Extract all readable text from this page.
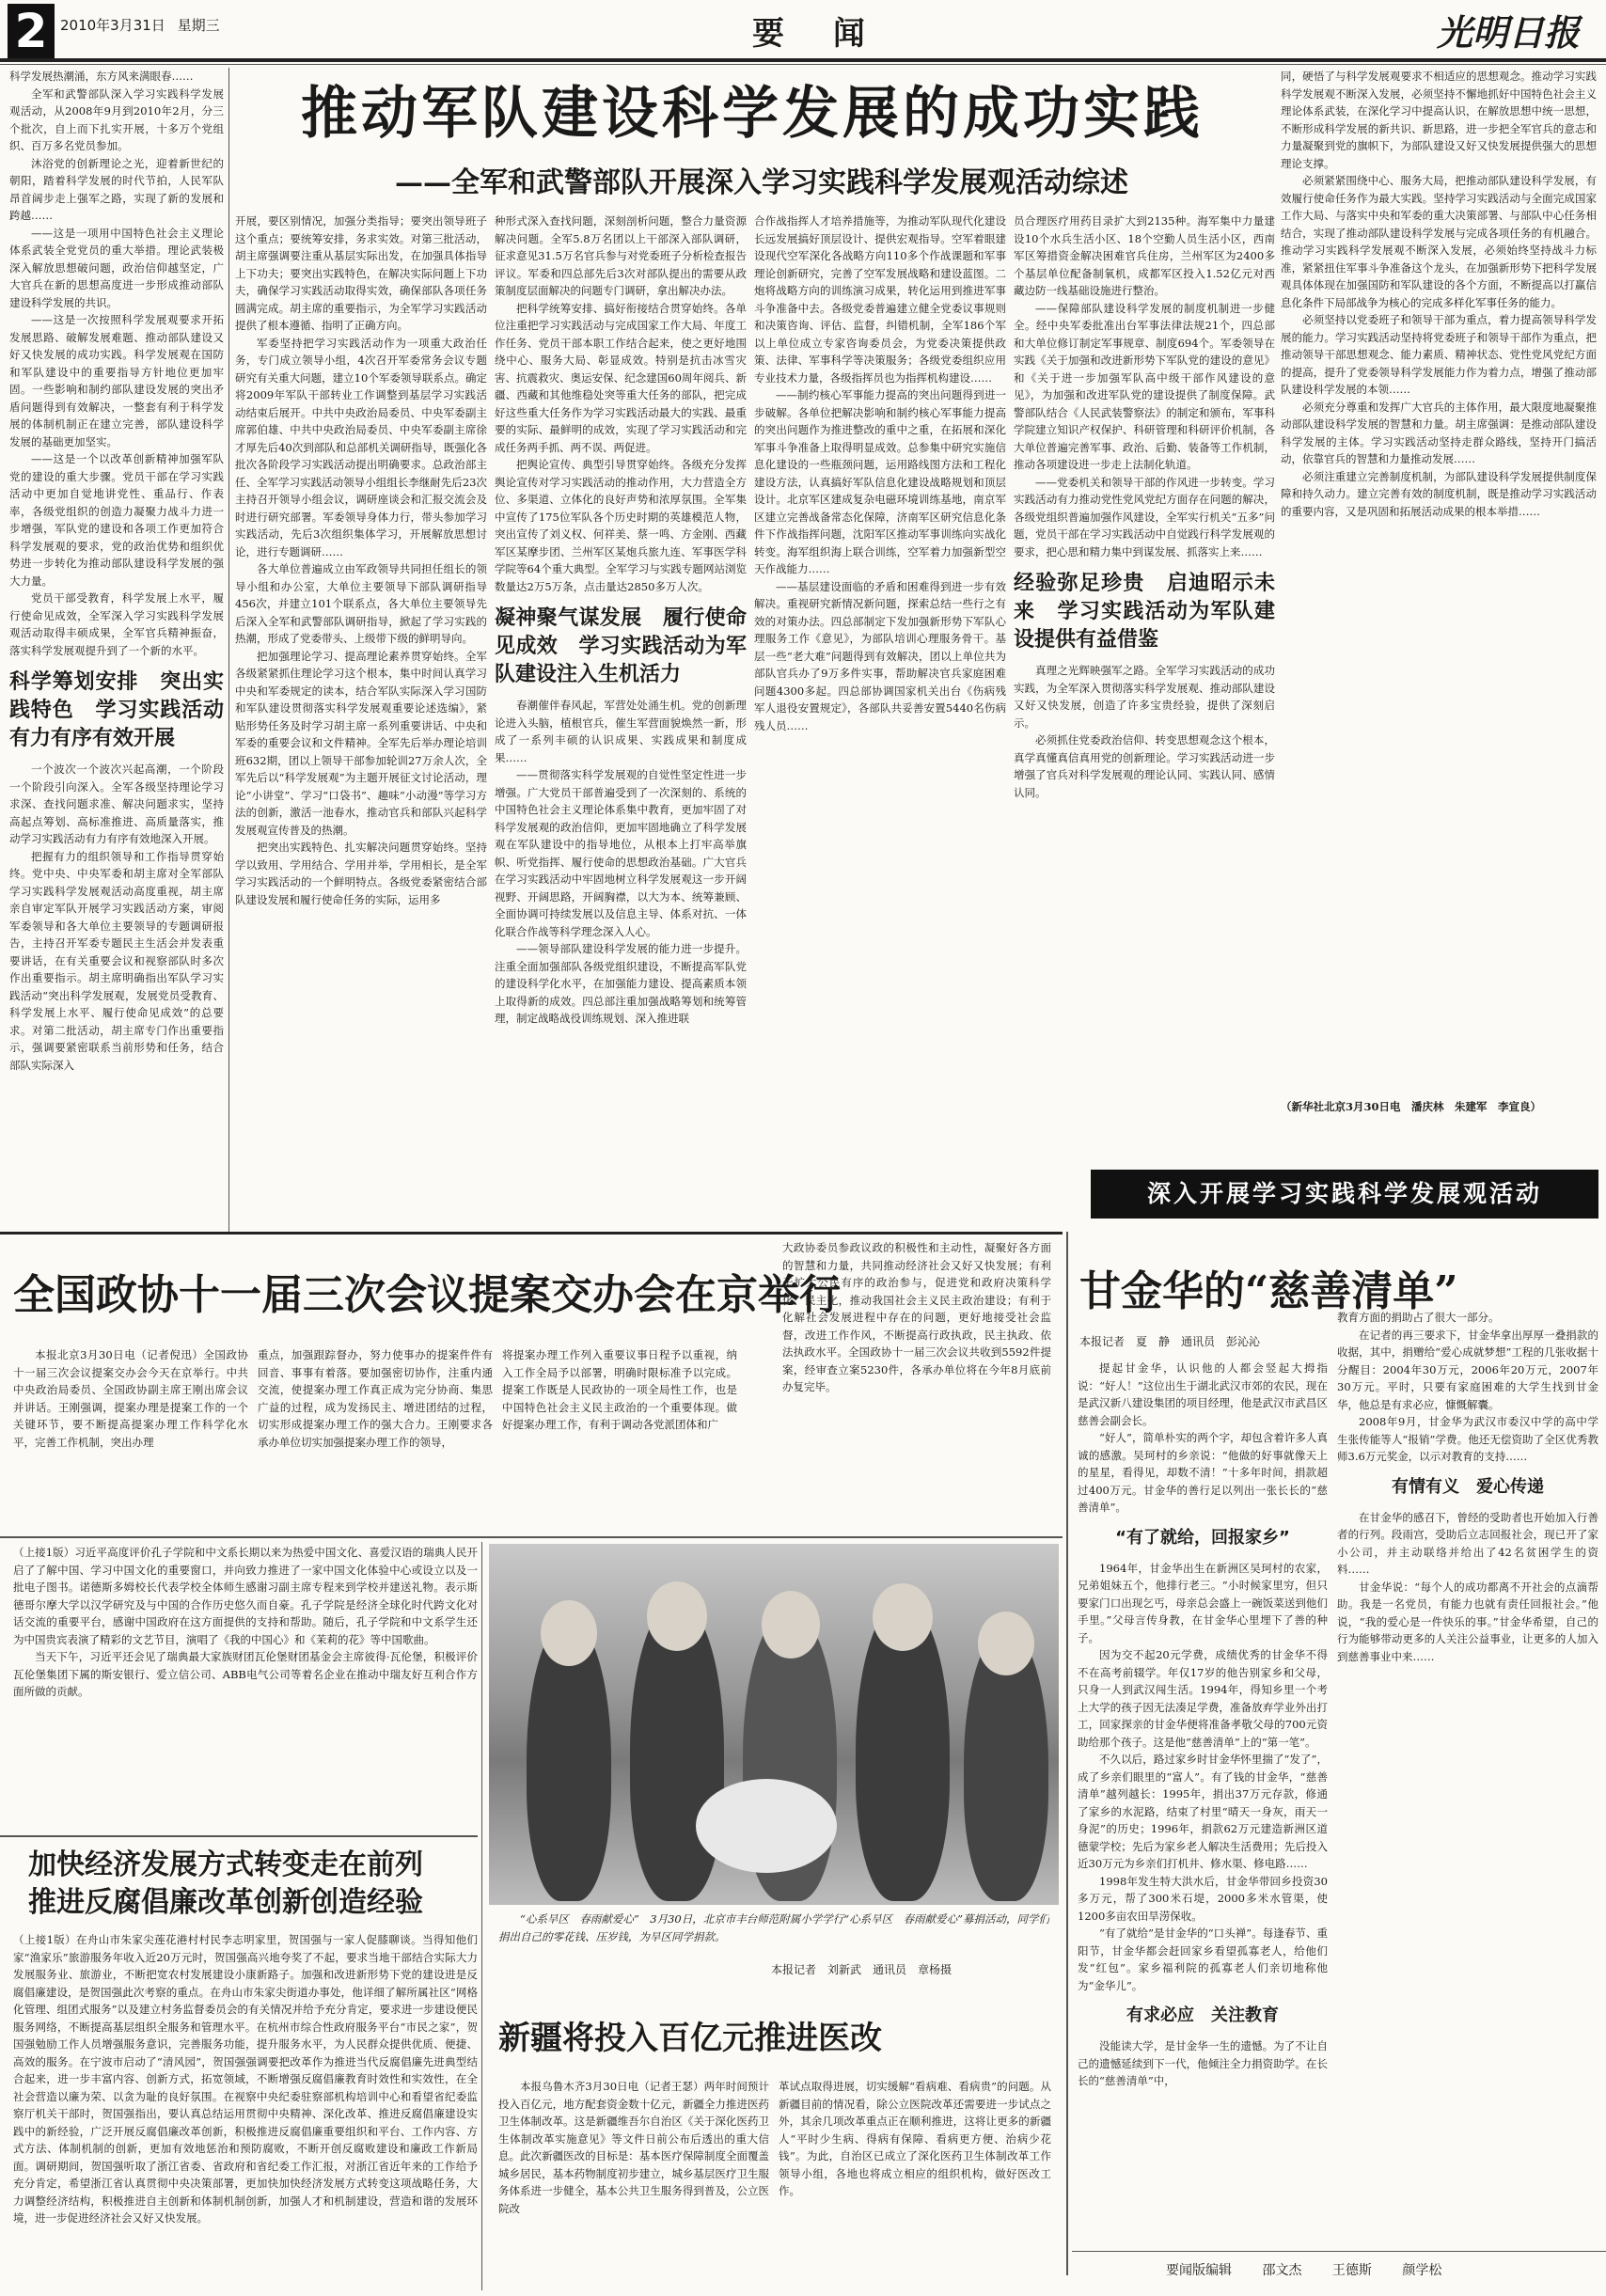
2 2010年3月31日 星期三	要 闻	光明日报
推动军队建设科学发展的成功实践
——全军和武警部队开展深入学习实践科学发展观活动综述

科学发展热潮涌，东方风来满眼春……

全军和武警部队深入学习实践科学发展观活动，从2008年9月到2010年2月，分三个批次，自上而下扎实开展，十多万个党组织、百万多名党员参加。

沐浴党的创新理论之光，迎着新世纪的朝阳，踏着科学发展的时代节拍，人民军队昂首阔步走上强军之路，实现了新的发展和跨越……

——这是一项用中国特色社会主义理论体系武装全党党员的重大举措。理论武装极深入解放思想破问题，政治信仰越坚定，广大官兵在新的思想高度进一步形成推动部队建设科学发展的共识。

——这是一次按照科学发展观要求开拓发展思路、破解发展难题、推动部队建设又好又快发展的成功实践。科学发展观在国防和军队建设中的重要指导方针地位更加牢固。一些影响和制约部队建设发展的突出矛盾问题得到有效解决，一整套有利于科学发展的体制机制正在建立完善，部队建设科学发展的基础更加坚实。

——这是一个以改革创新精神加强军队党的建设的重大步骤。党员干部在学习实践活动中更加自觉地讲党性、重品行、作表率，各级党组织的创造力凝聚力战斗力进一步增强，军队党的建设和各项工作更加符合科学发展观的要求，党的政治优势和组织优势进一步转化为推动部队建设科学发展的强大力量。

党员干部受教育，科学发展上水平，履行使命见成效，全军深入学习实践科学发展观活动取得丰硕成果，全军官兵精神振奋，落实科学发展观提升到了一个新的水平。

科学筹划安排　突出实践特色　学习实践活动有力有序有效开展

一个波次一个波次兴起高潮，一个阶段一个阶段引向深入。全军各级坚持理论学习求深、查找问题求准、解决问题求实，坚持高起点筹划、高标准推进、高质量落实，推动学习实践活动有力有序有效地深入开展。

把握有力的组织领导和工作指导贯穿始终。党中央、中央军委和胡主席对全军部队学习实践科学发展观活动高度重视，胡主席亲自审定军队开展学习实践活动方案，审阅军委领导和各大单位主要领导的专题调研报告，主持召开军委专题民主生活会并发表重要讲话，在有关重要会议和视察部队时多次作出重要指示。胡主席明确指出军队学习实践活动“突出科学发展观，发展党员受教育、科学发展上水平、履行使命见成效”的总要求。对第二批活动，胡主席专门作出重要指示，强调要紧密联系当前形势和任务，结合部队实际深入

开展，要区别情况，加强分类指导；要突出领导班子这个重点；要统筹安排，务求实效。对第三批活动，胡主席强调要注重从基层实际出发，在加强具体指导上下功夫；要突出实践特色，在解决实际问题上下功夫，确保学习实践活动取得实效，确保部队各项任务圆满完成。胡主席的重要指示，为全军学习实践活动提供了根本遵循、指明了正确方向。

军委坚持把学习实践活动作为一项重大政治任务，专门成立领导小组，4次召开军委常务会议专题研究有关重大问题，建立10个军委领导联系点。确定将2009年军队干部转业工作调整到基层学习实践活动结束后展开。中共中央政治局委员、中央军委副主席郭伯雄、中共中央政治局委员、中央军委副主席徐才厚先后40次到部队和总部机关调研指导，既强化各批次各阶段学习实践活动提出明确要求。总政治部主任、全军学习实践活动领导小组组长李继耐先后23次主持召开领导小组会议，调研座谈会和汇报交流会及时进行研究部署。军委领导身体力行，带头参加学习实践活动，先后3次组织集体学习，开展解放思想讨论，进行专题调研……

各大单位普遍成立由军政领导共同担任组长的领导小组和办公室，大单位主要领导下部队调研指导456次，并建立101个联系点，各大单位主要领导先后深入全军和武警部队调研指导，掀起了学习实践的热潮，形成了党委带头、上级带下级的鲜明导向。

把加强理论学习、提高理论素养贯穿始终。全军各级紧紧抓住理论学习这个根本，集中时间认真学习中央和军委规定的读本，结合军队实际深入学习国防和军队建设贯彻落实科学发展观重要论述选编》，紧贴形势任务及时学习胡主席一系列重要讲话、中央和军委的重要会议和文件精神。全军先后举办理论培训班632期，团以上领导干部参加轮训27万余人次，全军先后以“科学发展观”为主题开展征文讨论活动，理论“小讲堂”、学习“口袋书”、趣味“小动漫”等学习方法的创新，激活一池春水，推动官兵和部队兴起科学发展观宣传普及的热潮。

把突出实践特色、扎实解决问题贯穿始终。坚持学以致用、学用结合、学用并举，学用相长，是全军学习实践活动的一个鲜明特点。各级党委紧密结合部队建设发展和履行使命任务的实际，运用多

种形式深入查找问题，深刻剖析问题，整合力量资源解决问题。全军5.8万名团以上干部深入部队调研，征求意见31.5万名官兵参与对党委班子分析检查报告评议。军委和四总部先后3次对部队提出的需要从政策制度层面解决的问题专门调研，拿出解决办法。

把科学统筹安排、搞好衔接结合贯穿始终。各单位注重把学习实践活动与完成国家工作大局、年度工作任务、党员干部本职工作结合起来，使之更好地围绕中心、服务大局、彰显成效。特别是抗击冰雪灾害、抗震救灾、奥运安保、纪念建国60周年阅兵、新疆、西藏和其他维稳处突等重大任务的部队，把完成好这些重大任务作为学习实践活动最大的实践、最重要的实际、最鲜明的成效，实现了学习实践活动和完成任务两手抓、两不误、两促进。

把舆论宣传、典型引导贯穿始终。各级充分发挥舆论宣传对学习实践活动的推动作用，大力营造全方位、多渠道、立体化的良好声势和浓厚氛围。全军集中宣传了175位军队各个历史时期的英雄模范人物，突出宣传了刘义权、何祥美、蔡一鸣、方金刚、西藏军区某摩步团、兰州军区某炮兵旅九连、军事医学科学院等64个重大典型。全军学习与实践专题网站浏览数量达2万5万条，点击量达2850多万人次。

凝神聚气谋发展　履行使命见成效　学习实践活动为军队建设注入生机活力

春潮催伴春风起，军营处处涌生机。党的创新理论进入头脑，植根官兵，催生军营面貌焕然一新，形成了一系列丰硕的认识成果、实践成果和制度成果……

——贯彻落实科学发展观的自觉性坚定性进一步增强。广大党员干部普遍受到了一次深刻的、系统的中国特色社会主义理论体系集中教育，更加牢固了对科学发展观的政治信仰，更加牢固地确立了科学发展观在军队建设中的指导地位，从根本上打牢高举旗帜、听党指挥、履行使命的思想政治基础。广大官兵在学习实践活动中牢固地树立科学发展观这一步开阔视野、开阔思路，开阔胸襟，以大为本、统筹兼顾、全面协调可持续发展以及信息主导、体系对抗、一体化联合作战等科学理念深入人心。

——领导部队建设科学发展的能力进一步提升。注重全面加强部队各级党组织建设，不断提高军队党的建设科学化水平，在加强能力建设、提高素质本领上取得新的成效。四总部注重加强战略筹划和统筹管理，制定战略战役训练规划、深入推进联

合作战指挥人才培养措施等，为推动军队现代化建设长远发展搞好顶层设计、提供宏观指导。空军着眼建设现代空军深化各战略方向110多个作战课题和军事理论创新研究，完善了空军发展战略和建设蓝图。二炮将战略方向的训练演习成果，转化运用到推进军事斗争准备中去。各级党委普遍建立健全党委议事规则和决策咨询、评估、监督，纠错机制，全军186个军以上单位成立专家咨询委员会，为党委决策提供政策、法律、军事科学等决策服务；各级党委组织应用专业技术力量，各级指挥员也为指挥机构建设……

——制约核心军事能力提高的突出问题得到进一步破解。各单位把解决影响和制约核心军事能力提高的突出问题作为推进整改的重中之重，在拓展和深化军事斗争准备上取得明显成效。总参集中研究实施信息化建设的一些瓶颈问题，运用路线图方法和工程化建设方法，认真搞好军队信息化建设战略规划和顶层设计。北京军区建成复杂电磁环境训练基地，南京军区建立完善战备常态化保障，济南军区研究信息化条件下作战指挥问题，沈阳军区推动军事训练向实战化转变。海军组织海上联合训练，空军着力加强新型空天作战能力……

——基层建设面临的矛盾和困难得到进一步有效解决。重视研究新情况新问题，探索总结一些行之有效的对策办法。四总部制定下发加强新形势下军队心理服务工作《意见》，为部队培训心理服务骨干。基层一些“老大难”问题得到有效解决，团以上单位共为部队官兵办了9万多件实事，帮助解决官兵家庭困难问题4300多起。四总部协调国家机关出台《伤病残军人退役安置规定》，各部队共妥善安置5440名伤病残人员……

员合理医疗用药目录扩大到2135种。海军集中力量建设10个水兵生活小区、18个空勤人员生活小区，西南军区筹措资金解决困难官兵住房，兰州军区为2400多个基层单位配备制氧机，成都军区投入1.52亿元对西藏边防一线基础设施进行整治。

——保障部队建设科学发展的制度机制进一步健全。经中央军委批准出台军事法律法规21个，四总部和大单位修订制定军事规章、制度694个。军委领导在实践《关于加强和改进新形势下军队党的建设的意见》和《关于进一步加强军队高中级干部作风建设的意见》，为加强和改进军队党的建设提供了制度保障。武警部队结合《人民武装警察法》的制定和颁布，军事科学院建立知识产权保护、科研管理和科研评价机制，各大单位普遍完善军事、政治、后勤、装备等工作机制，推动各项建设进一步走上法制化轨道。

——党委机关和领导干部的作风进一步转变。学习实践活动有力推动党性党风党纪方面存在问题的解决，各级党组织普遍加强作风建设，全军实行机关“五多”问题，党员干部在学习实践活动中自觉践行科学发展观的要求，把心思和精力集中到谋发展、抓落实上来……

经验弥足珍贵　启迪昭示未来　学习实践活动为军队建设提供有益借鉴

真理之光辉映强军之路。全军学习实践活动的成功实践，为全军深入贯彻落实科学发展观、推动部队建设又好又快发展，创造了许多宝贵经验，提供了深刻启示。

必须抓住党委政治信仰、转变思想观念这个根本，真学真懂真信真用党的创新理论。学习实践活动进一步增强了官兵对科学发展观的理论认同、实践认同、感情认同。

同，硬悟了与科学发展观要求不相适应的思想观念。推动学习实践科学发展观不断深入发展，必须坚持不懈地抓好中国特色社会主义理论体系武装，在深化学习中提高认识，在解放思想中统一思想，不断形成科学发展的新共识、新思路，进一步把全军官兵的意志和力量凝聚到党的旗帜下，为部队建设又好又快发展提供强大的思想理论支撑。

必须紧紧围绕中心、服务大局，把推动部队建设科学发展，有效履行使命任务作为最大实践。坚持学习实践活动与全面完成国家工作大局、与落实中央和军委的重大决策部署、与部队中心任务相结合，实现了推动部队建设科学发展与完成各项任务的有机融合。推动学习实践科学发展观不断深入发展，必须始终坚持战斗力标准，紧紧扭住军事斗争准备这个龙头，在加强新形势下把科学发展观具体体现在加强国防和军队建设的各个方面，不断提高以打赢信息化条件下局部战争为核心的完成多样化军事任务的能力。

必须坚持以党委班子和领导干部为重点，着力提高领导科学发展的能力。学习实践活动坚持将党委班子和领导干部作为重点，把推动领导干部思想观念、能力素质、精神状态、党性党风党纪方面的提高，提升了党委领导科学发展能力作为着力点，增强了推动部队建设科学发展的本领……

必须充分尊重和发挥广大官兵的主体作用，最大限度地凝聚推动部队建设科学发展的智慧和力量。胡主席强调：是推动部队建设科学发展的主体。学习实践活动坚持走群众路线，坚持开门搞活动，依靠官兵的智慧和力量推动发展……

必须注重建立完善制度机制，为部队建设科学发展提供制度保障和持久动力。建立完善有效的制度机制，既是推动学习实践活动的重要内容，又是巩固和拓展活动成果的根本举措……

（新华社北京3月30日电　潘庆林　朱建军　李宣良）
深入开展学习实践科学发展观活动
全国政协十一届三次会议提案交办会在京举行

本报北京3月30日电（记者倪迅）全国政协十一届三次会议提案交办会今天在京举行。中共中央政治局委员、全国政协副主席王刚出席会议并讲话。王刚强调，提案办理是提案工作的一个关键环节，要不断提高提案办理工作科学化水平，完善工作机制，突出办理

重点，加强跟踪督办，努力使事办的提案件件有回音、事事有着落。要加强密切协作，注重内通交流，使提案办理工作真正成为完分协商、集思广益的过程，成为发扬民主、增进团结的过程，切实形成提案办理工作的强大合力。王刚要求各承办单位切实加强提案办理工作的领导，

将提案办理工作列入重要议事日程予以重视，纳入工作全局予以部署，明确时限标准予以完成。提案工作既是人民政协的一项全局性工作，也是中国特色社会主义民主政治的一个重要体现。做好提案办理工作，有利于调动各党派团体和广

大政协委员参政议政的积极性和主动性，凝聚好各方面的智慧和力量，共同推动经济社会又好又快发展；有利于扩大公民有序的政治参与，促进党和政府决策科学化、民主化，推动我国社会主义民主政治建设；有利于化解社会发展进程中存在的问题，更好地接受社会监督，改进工作作风，不断提高行政执政，民主执政、依法执政水平。全国政协十一届三次会议共收到5592件提案，经审查立案5230件，各承办单位将在今年8月底前办复完毕。

（上接1版）习近平高度评价孔子学院和中文系长期以来为热爱中国文化、喜爱汉语的瑞典人民开启了了解中国、学习中国文化的重要窗口，并向致力推进了一家中国文化体验中心或设立以及一批电子图书。诺德斯多姆校长代表学校全体师生感谢习副主席专程来到学校并建送礼物。表示斯德哥尔摩大学以汉学研究及与中国的合作历史悠久而自豪。孔子学院是经济全球化时代跨文化对话交流的重要平台，感谢中国政府在这方面提供的支持和帮助。随后，孔子学院和中文系学生还为中国贵宾表演了精彩的文艺节目，演唱了《我的中国心》和《茉莉的花》等中国歌曲。

当天下午，习近平还会见了瑞典最大家族财团瓦伦堡财团基金会主席彼得·瓦伦堡，积极评价瓦伦堡集团下属的斯安银行、爱立信公司、ABB电气公司等着名企业在推动中瑞友好互利合作方面所做的贡献。

加快经济发展方式转变走在前列
推进反腐倡廉改革创新创造经验

（上接1版）在舟山市朱家尖莲花港村村民李志明家里，贺国强与一家人促膝聊谈。当得知他们家“渔家乐”旅游服务年收入近20万元时，贺国强高兴地夸奖了不起，要求当地干部结合实际大力发展服务业、旅游业，不断把宽农村发展建设小康新路子。加强和改进新形势下党的建设进是反腐倡廉建设，是贺国强此次考察的重点。在舟山市朱家尖街道办事处，他详细了解所属社区“网格化管理、组团式服务”以及建立村务监督委员会的有关情况并给予充分肯定，要求进一步建设便民服务网络，不断提高基层组织全服务和管理水平。在杭州市综合性政府服务平台“市民之家”，贺国强勉励工作人员增强服务意识，完善服务功能，提升服务水平，为人民群众提供优质、便捷、高效的服务。在宁波市启动了“清风园”，贺国强强调要把改革作为推进当代反腐倡廉先进典型结合起来，进一步丰富内容、创新方式，拓宽领域，不断增强反腐倡廉教育时效性和实效性，在全社会营造以廉为荣、以贪为耻的良好氛围。在视察中央纪委驻察部机构培训中心和看望省纪委监察厅机关干部时，贺国强指出，要认真总结运用贯彻中央精神、深化改革、推进反腐倡廉建设实践中的新经验，广泛开展反腐倡廉改革创新，积极推进反腐倡廉重要组织和平台、工作内容、方式方法、体制机制的创新，更加有效地惩治和预防腐败，不断开创反腐败建设和廉政工作新局面。调研期间，贺国强听取了浙江省委、省政府和省纪委工作汇报，对浙江省近年来的工作给予充分肯定，希望浙江省认真贯彻中央决策部署，更加快加快经济发展方式转变这项战略任务，大力调整经济结构，积极推进自主创新和体制机制创新，加强人才和机制建设，营造和谐的发展环境，进一步促进经济社会又好又快发展。

“心系旱区　春雨献爱心”　3月30日，北京市丰台师范附属小学学行“心系旱区　春雨献爱心”募捐活动，同学们捐出自己的零花钱、压岁钱，为旱区同学捐款。

本报记者　刘新武　通讯员　章杨摄
新疆将投入百亿元推进医改

本报乌鲁木齐3月30日电（记者王瑟）两年时间预计投入百亿元，地方配套资金数十亿元，新疆全力推进医药卫生体制改革。这是新疆维吾尔自治区《关于深化医药卫生体制改革实施意见》等文件日前公布后透出的重大信息。此次新疆医改的目标是：基本医疗保障制度全面覆盖城乡居民，基本药物制度初步建立，城乡基层医疗卫生服务体系进一步健全，基本公共卫生服务得到普及，公立医院改

革试点取得进展，切实缓解“看病难、看病贵”的问题。从新疆目前的情况看，除公立医院改革还需要进一步试点之外，其余几项改革重点正在顺利推进，这将让更多的新疆人“平时少生病、得病有保障、看病更方便、治病少花钱”。为此，自治区已成立了深化医药卫生体制改革工作领导小组，各地也将成立相应的组织机构，做好医改工作。

甘金华的“慈善清单”
本报记者　夏　静　通讯员　彭沁沁

提起甘金华，认识他的人都会竖起大拇指说：“好人！”这位出生于湖北武汉市郊的农民，现在是武汉新八建设集团的项目经理，他是武汉市武昌区慈善会副会长。

“好人”，简单朴实的两个字，却包含着许多人真诚的感激。吴珂村的乡亲说：“他做的好事就像天上的星星，看得见，却数不清！”十多年时间，捐款超过400万元。甘金华的善行足以列出一张长长的“慈善清单”。

“有了就给，回报家乡”

1964年，甘金华出生在新洲区吴珂村的农家，兄弟姐妹五个，他排行老三。“小时候家里穷，但只要家门口出现乞丐，母亲总会盛上一碗饭菜送到他们手里。”父母言传身教，在甘金华心里埋下了善的种子。

因为交不起20元学费，成绩优秀的甘金华不得不在高考前辍学。年仅17岁的他告别家乡和父母，只身一人到武汉闯生活。1994年，得知乡里一个考上大学的孩子因无法凑足学费，准备放弃学业外出打工，回家探亲的甘金华便将准备孝敬父母的700元资助给那个孩子。这是他“慈善清单”上的“第一笔”。

不久以后，路过家乡时甘金华怀里揣了“发了”，成了乡亲们眼里的“富人”。有了钱的甘金华，“慈善清单”越列越长：1995年，捐出37万元存款，修通了家乡的水泥路，结束了村里“晴天一身灰，雨天一身泥”的历史；1996年，捐款62万元建造新洲区道德蒙学校；先后为家乡老人解决生活费用；先后投入近30万元为乡亲们打机井、修水渠、修电路……

1998年发生特大洪水后，甘金华带回乡投资30多万元，帮了300米石堤，2000多米水管渠，使1200多亩农田旱涝保收。

“有了就给”是甘金华的“口头禅”。每逢春节、重阳节，甘金华都会赶回家乡看望孤寡老人，给他们发“红包”。家乡福利院的孤寡老人们亲切地称他为“金华儿”。

有求必应　关注教育

没能读大学，是甘金华一生的遗憾。为了不让自己的遗憾延续到下一代，他倾注全力捐资助学。在长长的“慈善清单”中，

教育方面的捐助占了很大一部分。

在记者的再三要求下，甘金华拿出厚厚一叠捐款的收据，其中，捐赠给“爱心成就梦想”工程的几张收据十分醒目：2004年30万元，2006年20万元，2007年30万元。平时，只要有家庭困难的大学生找到甘金华，他总是有求必应，慷慨解囊。

2008年9月，甘金华为武汉市委汉中学的高中学生张传能等人“报销”学费。他还无偿资助了全区优秀教师3.6万元奖金，以示对教育的支持……

有情有义　爱心传递

在甘金华的感召下，曾经的受助者也开始加入行善者的行列。段雨宫，受助后立志回报社会，现已开了家小公司，并主动联络并给出了42名贫困学生的资料……

甘金华说：“每个人的成功都离不开社会的点滴帮助。我是一名党员，有能力也就有责任回报社会。”他说，“我的爱心是一件快乐的事。”甘金华希望，自己的行为能够带动更多的人关注公益事业，让更多的人加入到慈善事业中来……

要闻版编辑 邵文杰 王德斯 颜学松
